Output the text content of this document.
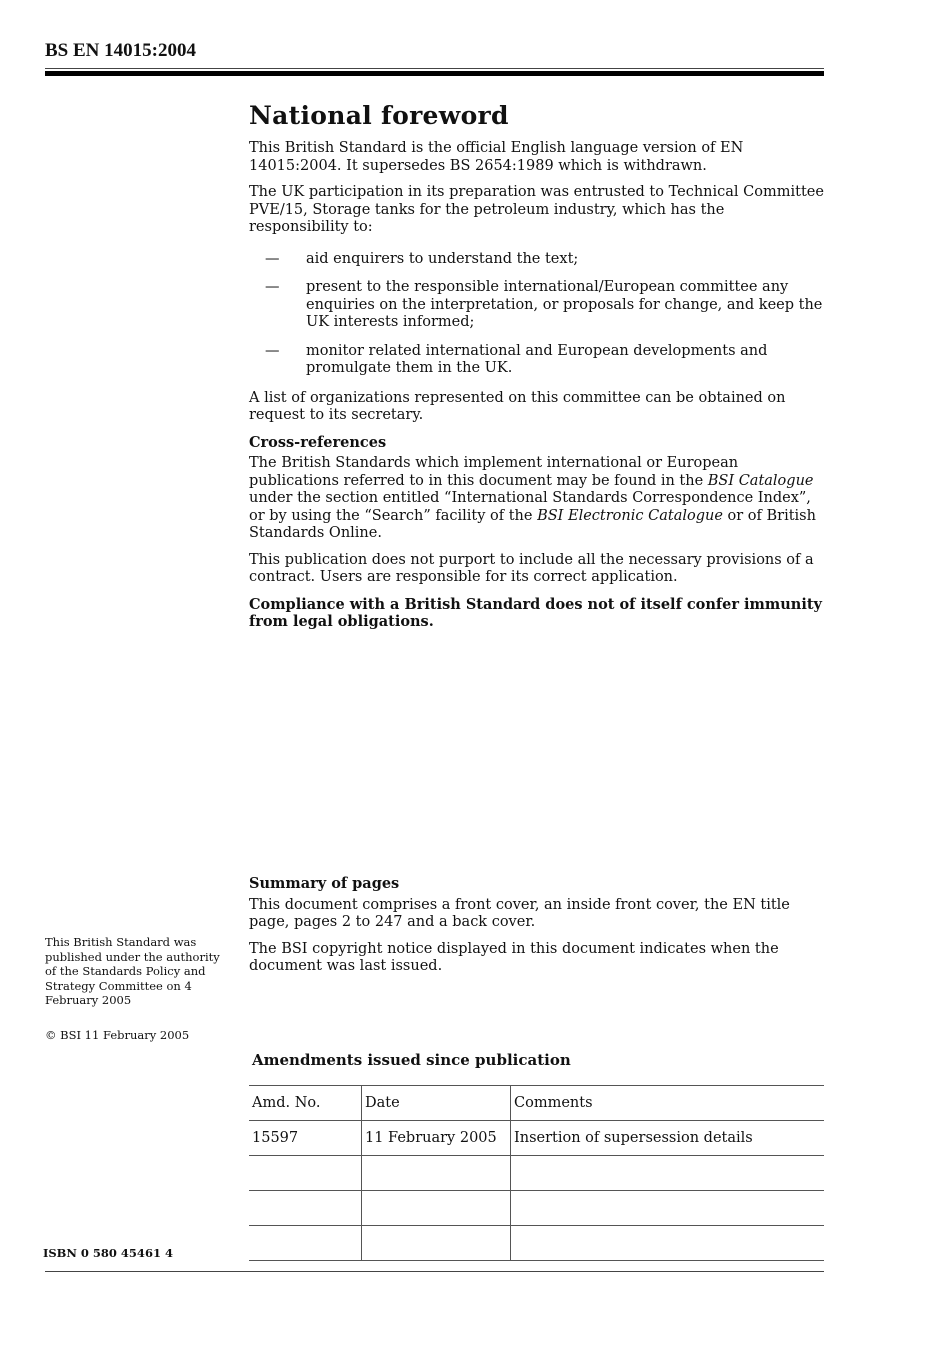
BS EN 14015:2004
National foreword

This British Standard is the official English language version of EN 14015:2004. It supersedes BS 2654:1989 which is withdrawn.

The UK participation in its preparation was entrusted to Technical Committee PVE/15, Storage tanks for the petroleum industry, which has the responsibility to:

— aid enquirers to understand the text;
— present to the responsible international/European committee any enquiries on the interpretation, or proposals for change, and keep the UK interests informed;
— monitor related international and European developments and promulgate them in the UK.

A list of organizations represented on this committee can be obtained on request to its secretary.

Cross-references

The British Standards which implement international or European publications referred to in this document may be found in the BSI Catalogue under the section entitled “International Standards Correspondence Index”, or by using the “Search” facility of the BSI Electronic Catalogue or of British Standards Online.

This publication does not purport to include all the necessary provisions of a contract. Users are responsible for its correct application.

Compliance with a British Standard does not of itself confer immunity from legal obligations.

Summary of pages

This document comprises a front cover, an inside front cover, the EN title page, pages 2 to 247 and a back cover.

The BSI copyright notice displayed in this document indicates when the document was last issued.

This British Standard was published under the authority of the Standards Policy and Strategy Committee on 4 February 2005
© BSI 11 February 2005
ISBN 0 580 45461 4
Amendments issued since publication
Amd. No.	Date	Comments
15597	11 February 2005	Insertion of supersession details
